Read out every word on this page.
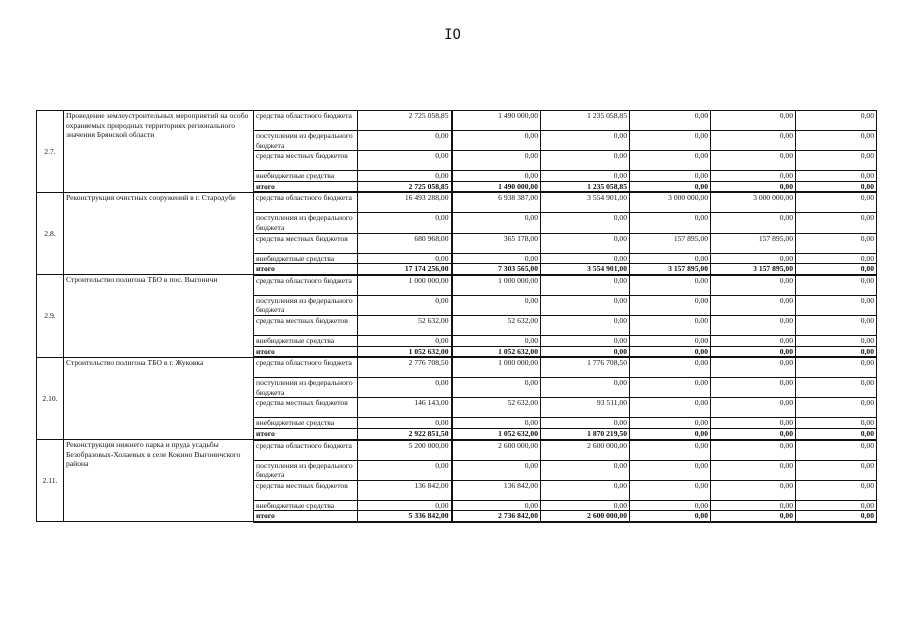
IO
2.7.	Проведение землеустроительных мероприятий на особо охраняемых природных территориях регионального значения Брянской области	средства областного бюджета	2 725 058,85	1 490 000,00	1 235 058,85	0,00	0,00	0,00
		поступления из федерального бюджета	0,00	0,00	0,00	0,00	0,00	0,00
		средства местных бюджетов	0,00	0,00	0,00	0,00	0,00	0,00
		внебюджетные средства	0,00	0,00	0,00	0,00	0,00	0,00
		итого	2 725 058,85	1 490 000,00	1 235 058,85	0,00	0,00	0,00
2.8.	Реконструкция очистных сооружений в г. Стародубе	средства областного бюджета	16 493 288,00	6 938 387,00	3 554 901,00	3 000 000,00	3 000 000,00	0,00
		поступления из федерального бюджета	0,00	0,00	0,00	0,00	0,00	0,00
		средства местных бюджетов	680 968,00	365 178,00	0,00	157 895,00	157 895,00	0,00
		внебюджетные средства	0,00	0,00	0,00	0,00	0,00	0,00
		итого	17 174 256,00	7 303 565,00	3 554 901,00	3 157 895,00	3 157 895,00	0,00
2.9.	Строительство полигона ТБО в пос. Выгоничи	средства областного бюджета	1 000 000,00	1 000 000,00	0,00	0,00	0,00	0,00
		поступления из федерального бюджета	0,00	0,00	0,00	0,00	0,00	0,00
		средства местных бюджетов	52 632,00	52 632,00	0,00	0,00	0,00	0,00
		внебюджетные средства	0,00	0,00	0,00	0,00	0,00	0,00
		итого	1 052 632,00	1 052 632,00	0,00	0,00	0,00	0,00
2.10.	Строительство полигона ТБО в г. Жуковка	средства областного бюджета	2 776 708,50	1 000 000,00	1 776 708,50	0,00	0,00	0,00
		поступления из федерального бюджета	0,00	0,00	0,00	0,00	0,00	0,00
		средства местных бюджетов	146 143,00	52 632,00	93 511,00	0,00	0,00	0,00
		внебюджетные средства	0,00	0,00	0,00	0,00	0,00	0,00
		итого	2 922 851,50	1 052 632,00	1 870 219,50	0,00	0,00	0,00
2.11.	Реконструкция нижнего парка и пруда усадьбы Безобразовых-Холаевых в селе Кокино Выгоничского района	средства областного бюджета	5 200 000,00	2 600 000,00	2 600 000,00	0,00	0,00	0,00
		поступления из федерального бюджета	0,00	0,00	0,00	0,00	0,00	0,00
		средства местных бюджетов	136 842,00	136 842,00	0,00	0,00	0,00	0,00
		внебюджетные средства	0,00	0,00	0,00	0,00	0,00	0,00
		итого	5 336 842,00	2 736 842,00	2 600 000,00	0,00	0,00	0,00
